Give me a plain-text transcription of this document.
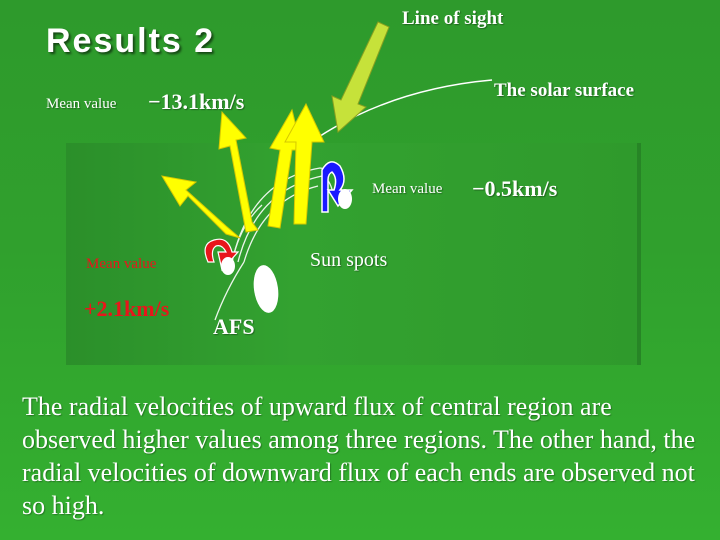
Results 2
Line of sight
The solar surface
Mean value −13.1km/s
Mean value −0.5km/s
Sun spots
Mean value
+2.1km/s
AFS
The radial velocities of upward flux of central region are observed higher values among three regions. The other hand, the radial velocities of downward flux of each ends are observed not so high.
